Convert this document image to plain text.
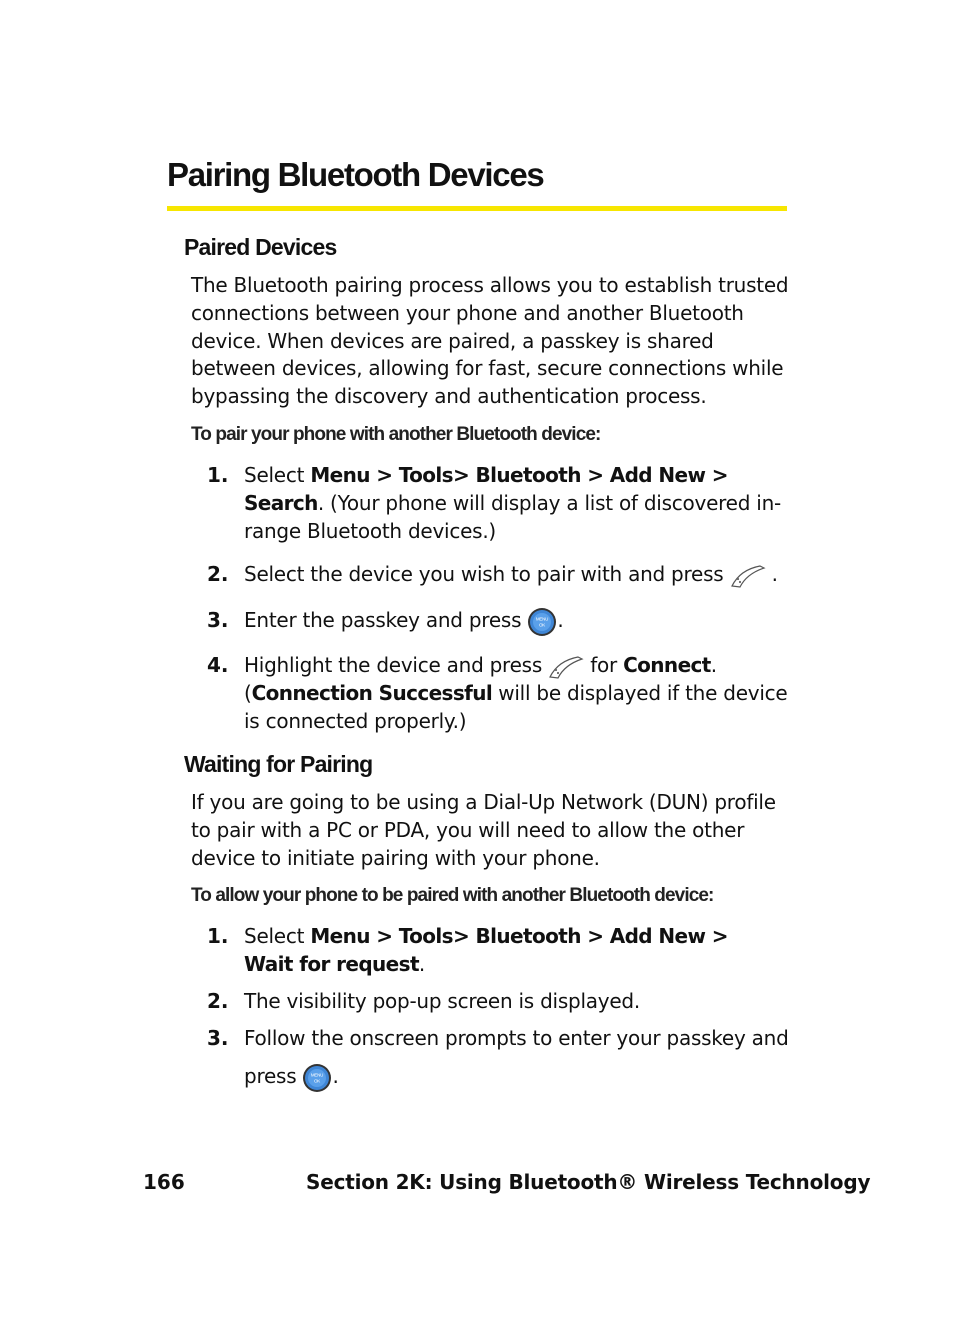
Pairing Bluetooth Devices
Paired Devices

The Bluetooth pairing process allows you to establish trusted connections between your phone and another Bluetooth device. When devices are paired, a passkey is shared between devices, allowing for fast, secure connections while bypassing the discovery and authentication process.

To pair your phone with another Bluetooth device:

1. Select Menu > Tools> Bluetooth > Add New > Search. (Your phone will display a list of discovered in-range Bluetooth devices.)
2. Select the device you wish to pair with and press .
3. Enter the passkey and press	MENU
OK .
4. Highlight the device and press  for Connect. (Connection Successful will be displayed if the device is connected properly.)
Waiting for Pairing

If you are going to be using a Dial-Up Network (DUN) profile to pair with a PC or PDA, you will need to allow the other device to initiate pairing with your phone.

To allow your phone to be paired with another Bluetooth device:

1. Select Menu > Tools> Bluetooth > Add New >
Wait for request.
2. The visibility pop-up screen is displayed.
3. Follow the onscreen prompts to enter your passkey and
press	MENU
OK .
166	Section 2K: Using Bluetooth® Wireless Technology
